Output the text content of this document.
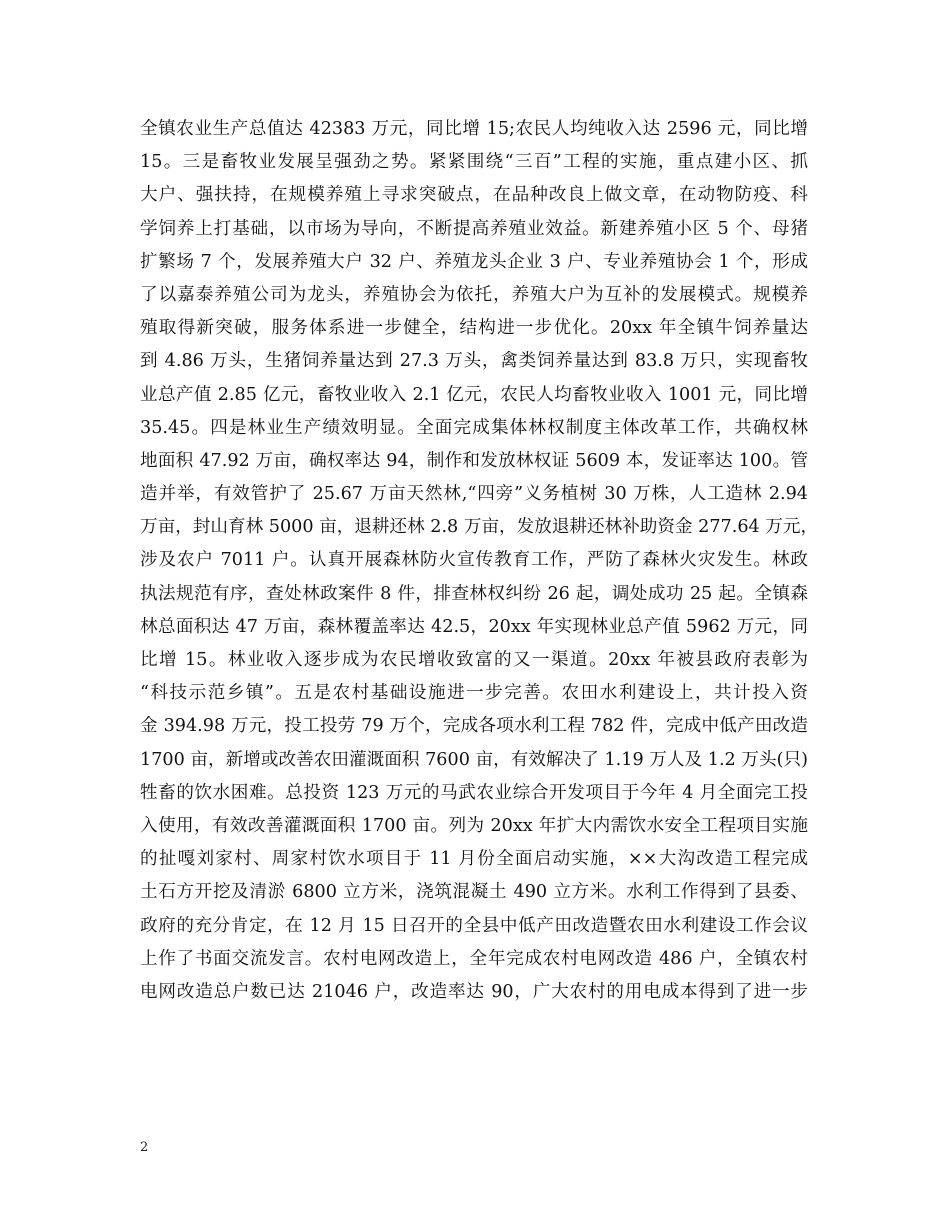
全镇农业生产总值达 42383 万元，同比增 15;农民人均纯收入达 2596 元，同比增
15。三是畜牧业发展呈强劲之势。紧紧围绕“三百”工程的实施，重点建小区、抓
大户、强扶持，在规模养殖上寻求突破点，在品种改良上做文章，在动物防疫、科
学饲养上打基础，以市场为导向，不断提高养殖业效益。新建养殖小区 5 个、母猪
扩繁场 7 个，发展养殖大户 32 户、养殖龙头企业 3 户、专业养殖协会 1 个，形成
了以嘉泰养殖公司为龙头，养殖协会为依托，养殖大户为互补的发展模式。规模养
殖取得新突破，服务体系进一步健全，结构进一步优化。20xx 年全镇牛饲养量达
到 4.86 万头，生猪饲养量达到 27.3 万头，禽类饲养量达到 83.8 万只，实现畜牧
业总产值 2.85 亿元，畜牧业收入 2.1 亿元，农民人均畜牧业收入 1001 元，同比增
35.45。四是林业生产绩效明显。全面完成集体林权制度主体改革工作，共确权林
地面积 47.92 万亩，确权率达 94，制作和发放林权证 5609 本，发证率达 100。管
造并举，有效管护了 25.67 万亩天然林,“四旁”义务植树 30 万株，人工造林 2.94
万亩，封山育林 5000 亩，退耕还林 2.8 万亩，发放退耕还林补助资金 277.64 万元，
涉及农户 7011 户。认真开展森林防火宣传教育工作，严防了森林火灾发生。林政
执法规范有序，查处林政案件 8 件，排查林权纠纷 26 起，调处成功 25 起。全镇森
林总面积达 47 万亩，森林覆盖率达 42.5，20xx 年实现林业总产值 5962 万元，同
比增 15。林业收入逐步成为农民增收致富的又一渠道。20xx 年被县政府表彰为
“科技示范乡镇”。五是农村基础设施进一步完善。农田水利建设上，共计投入资
金 394.98 万元，投工投劳 79 万个，完成各项水利工程 782 件，完成中低产田改造
1700 亩，新增或改善农田灌溉面积 7600 亩，有效解决了 1.19 万人及 1.2 万头(只)
牲畜的饮水困难。总投资 123 万元的马武农业综合开发项目于今年 4 月全面完工投
入使用，有效改善灌溉面积 1700 亩。列为 20xx 年扩大内需饮水安全工程项目实施
的扯嘎刘家村、周家村饮水项目于 11 月份全面启动实施，××大沟改造工程完成
土石方开挖及清淤 6800 立方米，浇筑混凝土 490 立方米。水利工作得到了县委、
政府的充分肯定，在 12 月 15 日召开的全县中低产田改造暨农田水利建设工作会议
上作了书面交流发言。农村电网改造上，全年完成农村电网改造 486 户，全镇农村
电网改造总户数已达 21046 户，改造率达 90，广大农村的用电成本得到了进一步
2
